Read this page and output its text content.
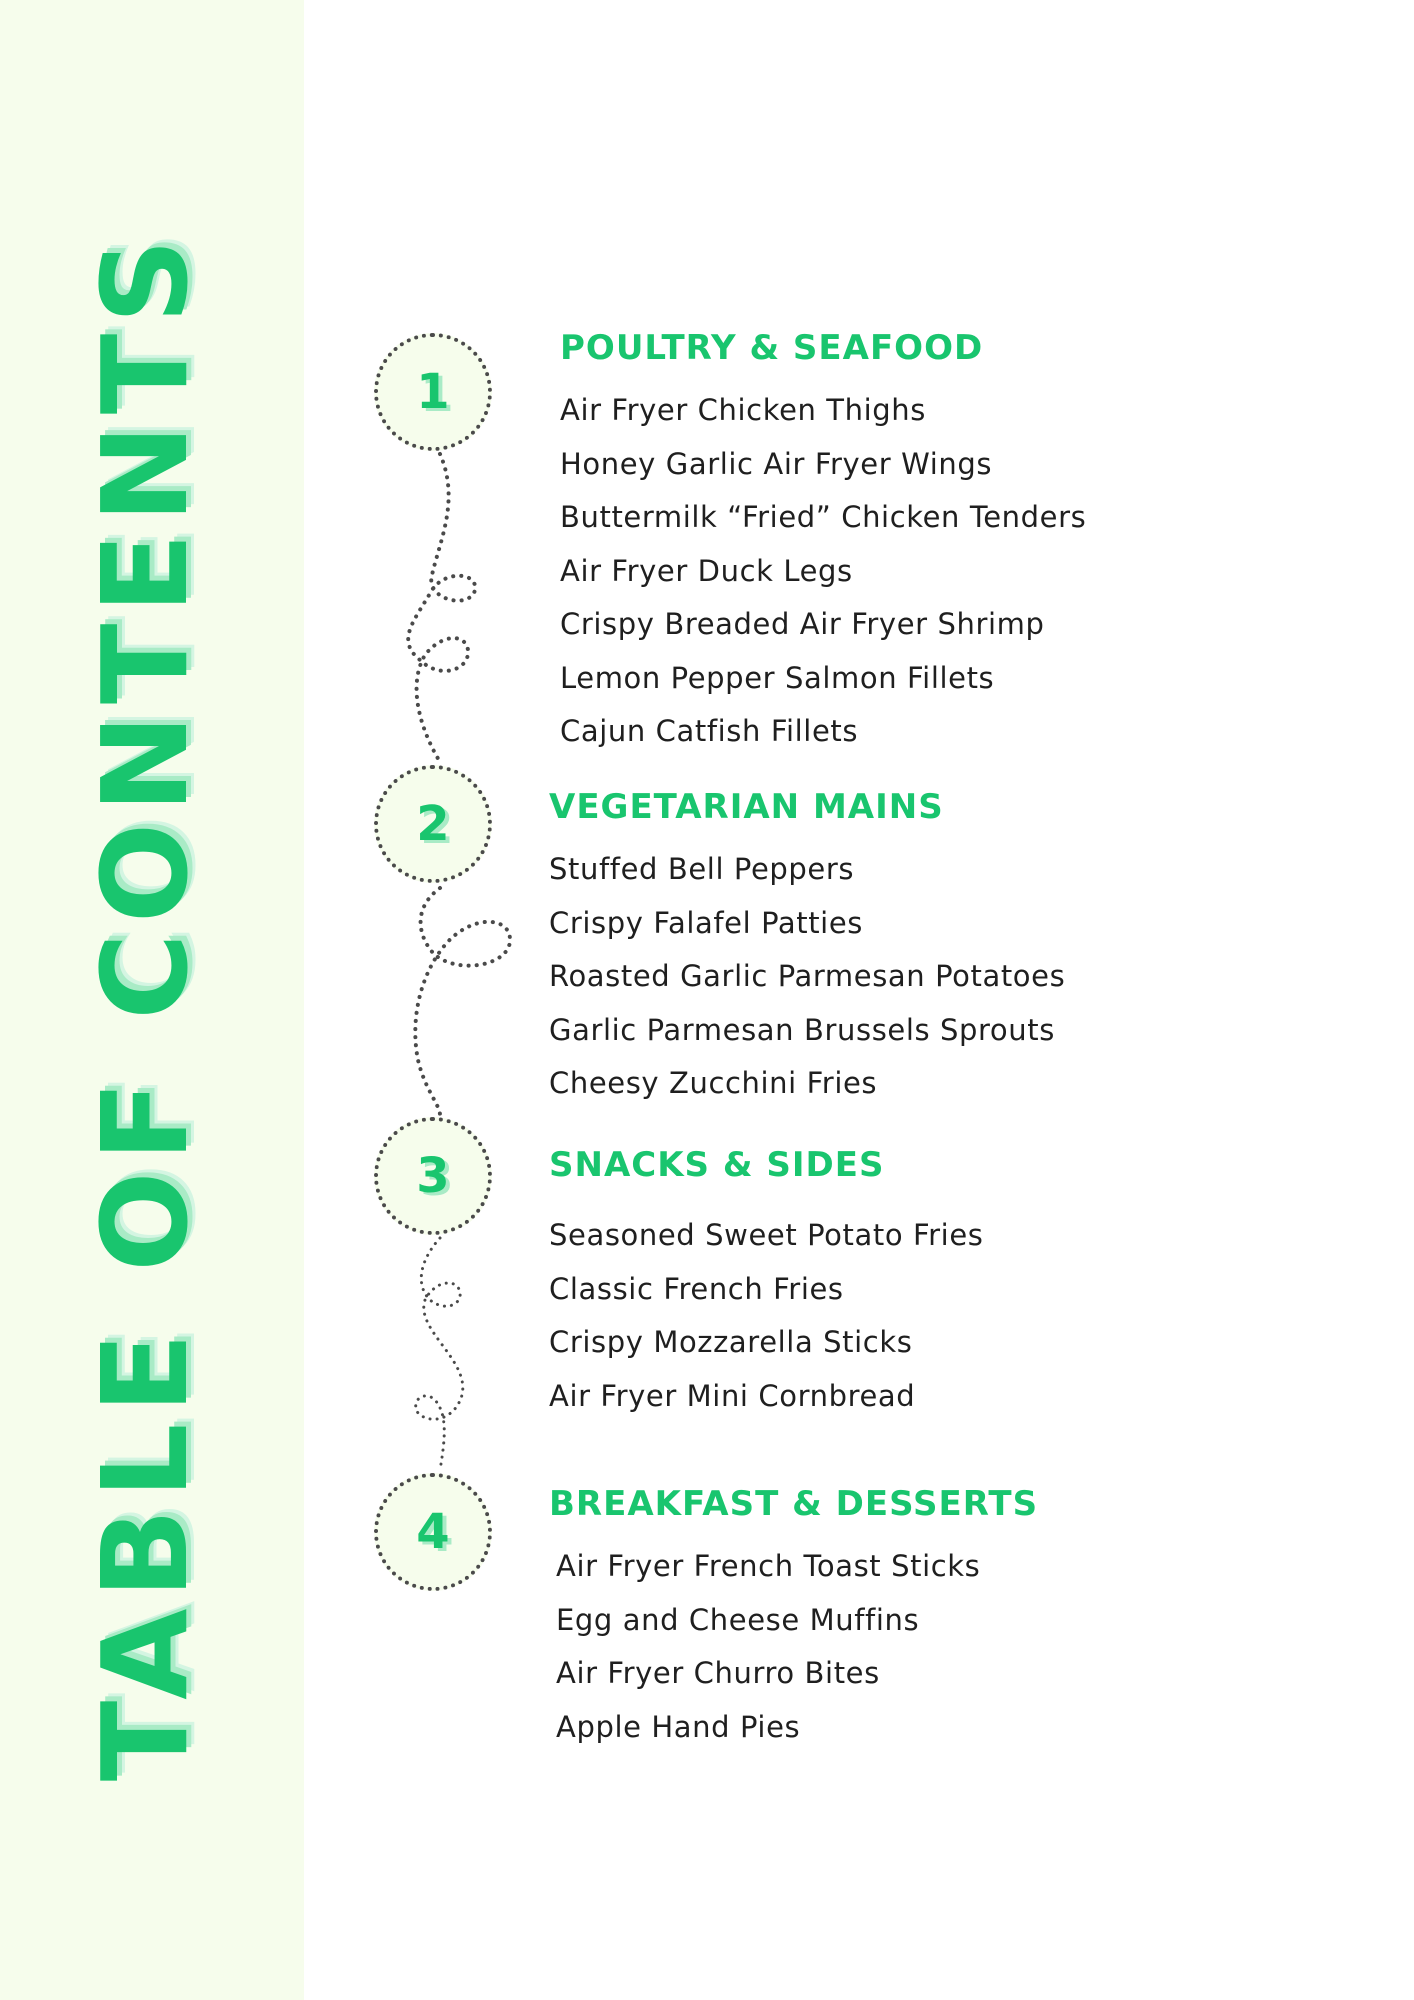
TABLE OF CONTENTS	1
2
3
4
POULTRY & SEAFOOD
Air Fryer Chicken Thighs
Honey Garlic Air Fryer Wings
Buttermilk “Fried” Chicken Tenders
Air Fryer Duck Legs
Crispy Breaded Air Fryer Shrimp
Lemon Pepper Salmon Fillets
Cajun Catfish Fillets
VEGETARIAN MAINS
Stuffed Bell Peppers
Crispy Falafel Patties
Roasted Garlic Parmesan Potatoes
Garlic Parmesan Brussels Sprouts
Cheesy Zucchini Fries
SNACKS & SIDES
Seasoned Sweet Potato Fries
Classic French Fries
Crispy Mozzarella Sticks
Air Fryer Mini Cornbread
BREAKFAST & DESSERTS
Air Fryer French Toast Sticks
Egg and Cheese Muffins
Air Fryer Churro Bites
Apple Hand Pies
